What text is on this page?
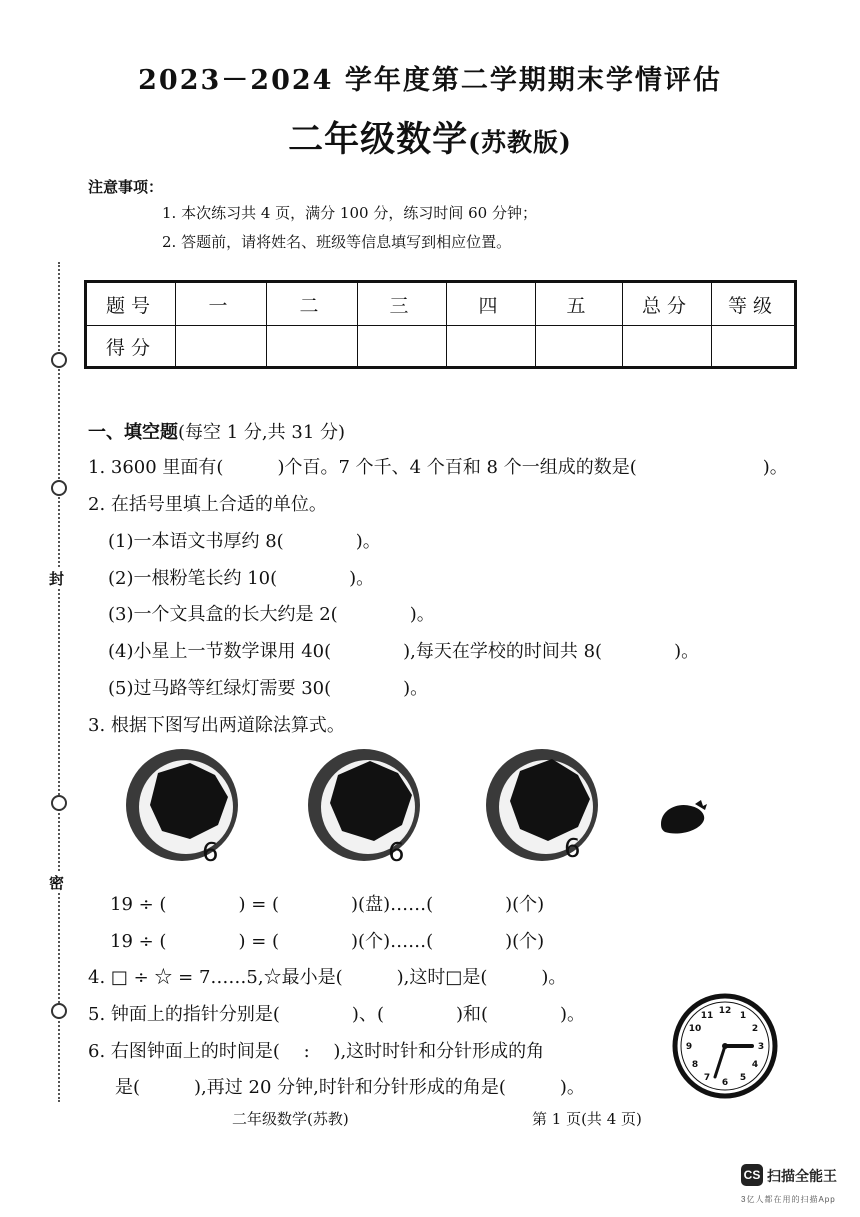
2023－2024 学年度第二学期期末学情评估
二年级数学(苏教版)
注意事项：
1. 本次练习共 4 页，满分 100 分，练习时间 60 分钟；
2. 答题前，请将姓名、班级等信息填写到相应位置。
封
密
题号	一	二	三	四	五	总分	等级
得分							
一、填空题(每空 1 分,共 31 分)
1. 3600 里面有(　　　)个百。7 个千、4 个百和 8 个一组成的数是(　　　　　　　)。
2. 在括号里填上合适的单位。
(1)一本语文书厚约 8(　　　　)。
(2)一根粉笔长约 10(　　　　)。
(3)一个文具盒的长大约是 2(　　　　)。
(4)小星上一节数学课用 40(　　　　),每天在学校的时间共 8(　　　　)。
(5)过马路等红绿灯需要 30(　　　　)。
3. 根据下图写出两道除法算式。
6	6	6
19 ÷ (　　　　) = (　　　　)(盘)……(　　　　)(个)
19 ÷ (　　　　) = (　　　　)(个)……(　　　　)(个)
4. □ ÷ ☆ = 7……5,☆最小是(　　　),这时□是(　　　)。
5. 钟面上的指针分别是(　　　　)、(　　　　)和(　　　　)。
6. 右图钟面上的时间是(　 :　 ),这时时针和分针形成的角
是(　　　),再过 20 分钟,时针和分针形成的角是(　　　)。
12 1
2
3
4
5
6
7
8
9
10
11
二年级数学(苏教)	第 1 页(共 4 页)
CS 扫描全能王
3亿人都在用的扫描App
